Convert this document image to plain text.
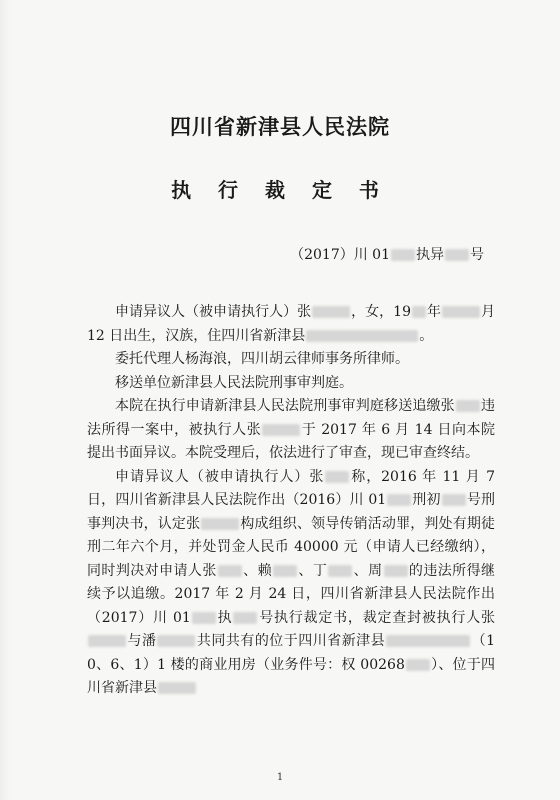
四川省新津县人民法院
执 行 裁 定 书
（2017）川 01 执异 号

申请异议人（被申请执行人）张	，女，19 年	月 12 日出生，汉族，住四川省新津县	。

委托代理人杨海浪，四川胡云律师事务所律师。

移送单位新津县人民法院刑事审判庭。

本院在执行申请新津县人民法院刑事审判庭移送追缴张 违法所得一案中，被执行人张	于 2017 年 6 月 14 日向本院提出书面异议。本院受理后，依法进行了审查，现已审查终结。

申请异议人（被申请执行人）张 称，2016 年 11 月 7 日，四川省新津县人民法院作出（2016）川 01 刑初 号刑事判决书，认定张	构成组织、领导传销活动罪，判处有期徒刑二年六个月，并处罚金人民币 40000 元（申请人已经缴纳），同时判决对申请人张 、赖 、丁 、周 的违法所得继续予以追缴。2017 年 2 月 24 日，四川省新津县人民法院作出（2017）川 01 执 号执行裁定书，裁定查封被执行人张与潘	共同共有的位于四川省新津县	（10、6、1）1 楼的商业用房（业务件号：权 00268 ）、位于四川省新津县

1
